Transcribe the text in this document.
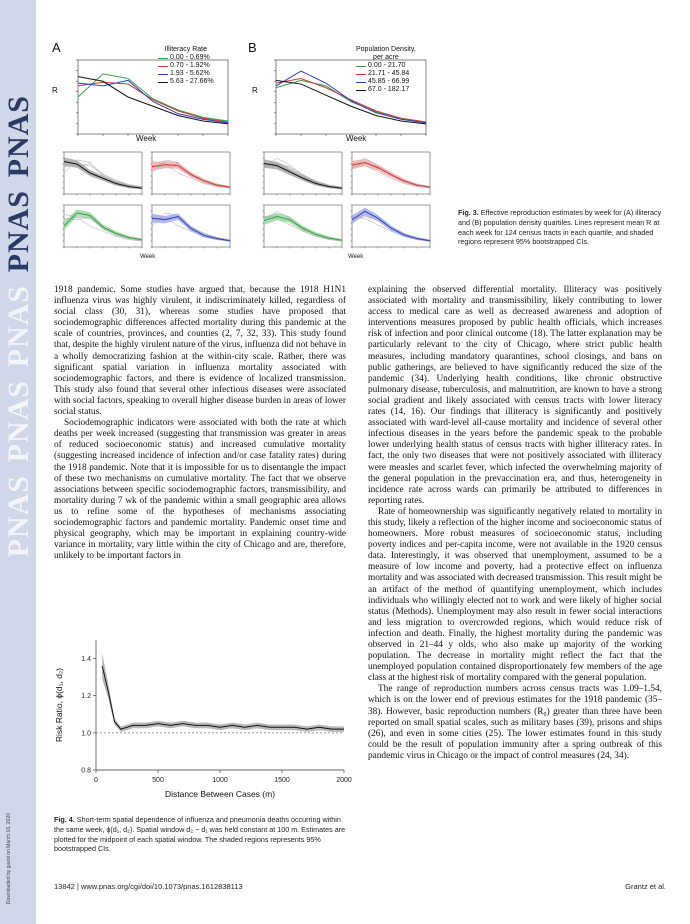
PNAS
PNAS
PNAS
PNAS
PNAS
Downloaded by guest on March 16, 2020
A	B
Illiteracy Rate
0.00 - 0.69%
0.70 - 1.92%
1.93 - 5.62%
5.63 - 27.66%
Population Density,
per acre
0.00 - 21.70
21.71 - 45.84
45.85 - 66.99
67.0 - 182.17
R	R
Week	Week
Week	Week
Fig. 3. Effective reproduction estimates by week for (A) illiteracy and (B) population density quartiles. Lines represent mean R at each week for 124 census tracts in each quartile, and shaded regions represent 95% bootstrapped CIs.

1918 pandemic. Some studies have argued that, because the 1918 H1N1 influenza virus was highly virulent, it indiscriminately killed, regardless of social class (30, 31), whereas some studies have proposed that sociodemographic differences affected mortality during this pandemic at the scale of countries, provinces, and counties (2, 7, 32, 33). This study found that, despite the highly virulent nature of the virus, influenza did not behave in a wholly democratizing fashion at the within-city scale. Rather, there was significant spatial variation in influenza mortality associated with sociodemographic factors, and there is evidence of localized transmission. This study also found that several other infectious diseases were associated with social factors, speaking to overall higher disease burden in areas of lower social status.

Sociodemographic indicators were associated with both the rate at which deaths per week increased (suggesting that transmission was greater in areas of reduced socioeconomic status) and increased cumulative mortality (suggesting increased incidence of infection and/or case fatality rates) during the 1918 pandemic. Note that it is impossible for us to disentangle the impact of these two mechanisms on cumulative mortality. The fact that we observe associations between specific sociodemographic factors, transmissibility, and mortality during 7 wk of the pandemic within a small geographic area allows us to refine some of the hypotheses of mechanisms associating sociodemographic factors and pandemic mortality. Pandemic onset time and physical geography, which may be important in explaining country-wide variance in mortality, vary little within the city of Chicago and are, therefore, unlikely to be important factors in

explaining the observed differential mortality. Illiteracy was positively associated with mortality and transmissibility, likely contributing to lower access to medical care as well as decreased awareness and adoption of interventions measures proposed by public health officials, which increases risk of infection and poor clinical outcome (18). The latter explanation may be particularly relevant to the city of Chicago, where strict public health measures, including mandatory quarantines, school closings, and bans on public gatherings, are believed to have significantly reduced the size of the pandemic (34). Underlying health conditions, like chronic obstructive pulmonary disease, tuberculosis, and malnutrition, are known to have a strong social gradient and likely associated with census tracts with lower literacy rates (14, 16). Our findings that illiteracy is significantly and positively associated with ward-level all-cause mortality and incidence of several other infectious diseases in the years before the pandemic speak to the probable lower underlying health status of census tracts with higher illiteracy rates. In fact, the only two diseases that were not positively associated with illiteracy were measles and scarlet fever, which infected the overwhelming majority of the general population in the prevaccination era, and thus, heterogeneity in incidence rate across wards can primarily be attributed to differences in reporting rates.

Rate of homeownership was significantly negatively related to mortality in this study, likely a reflection of the higher income and socioeconomic status of homeowners. More robust measures of socioeconomic status, including poverty indices and per-capita income, were not available in the 1920 census data. Interestingly, it was observed that unemployment, assumed to be a measure of low income and poverty, had a protective effect on influenza mortality and was associated with decreased transmission. This result might be an artifact of the method of quantifying unemployment, which includes individuals who willingly elected not to work and were likely of higher social status (Methods). Unemployment may also result in fewer social interactions and less migration to overcrowded regions, which would reduce risk of infection and death. Finally, the highest mortality during the pandemic was observed in 21–44 y olds, who also make up majority of the working population. The decrease in mortality might reflect the fact that the unemployed population contained disproportionately few members of the age class at the highest risk of mortality compared with the general population.

The range of reproduction numbers across census tracts was 1.09–1.54, which is on the lower end of previous estimates for the 1918 pandemic (35–38). However, basic reproduction numbers (R₀) greater than three have been reported on small spatial scales, such as military bases (39), prisons and ships (26), and even in some cities (25). The lower estimates found in this study could be the result of population immunity after a spring outbreak of this pandemic virus in Chicago or the impact of control measures (24, 34).

0	500	1000	1500	2000
0.8
1.0
1.2
1.4
Distance Between Cases (m)
Risk Ratio, ϕ(d₁, d₂)
Fig. 4. Short-term spatial dependence of influenza and pneumonia deaths occurring within the same week, ϕ(d₁, d₂). Spatial window d₂ − d₁ was held constant at 100 m. Estimates are plotted for the midpoint of each spatial window. The shaded regions represents 95% bootstrapped CIs.
13842 | www.pnas.org/cgi/doi/10.1073/pnas.1612838113	Grantz et al.
